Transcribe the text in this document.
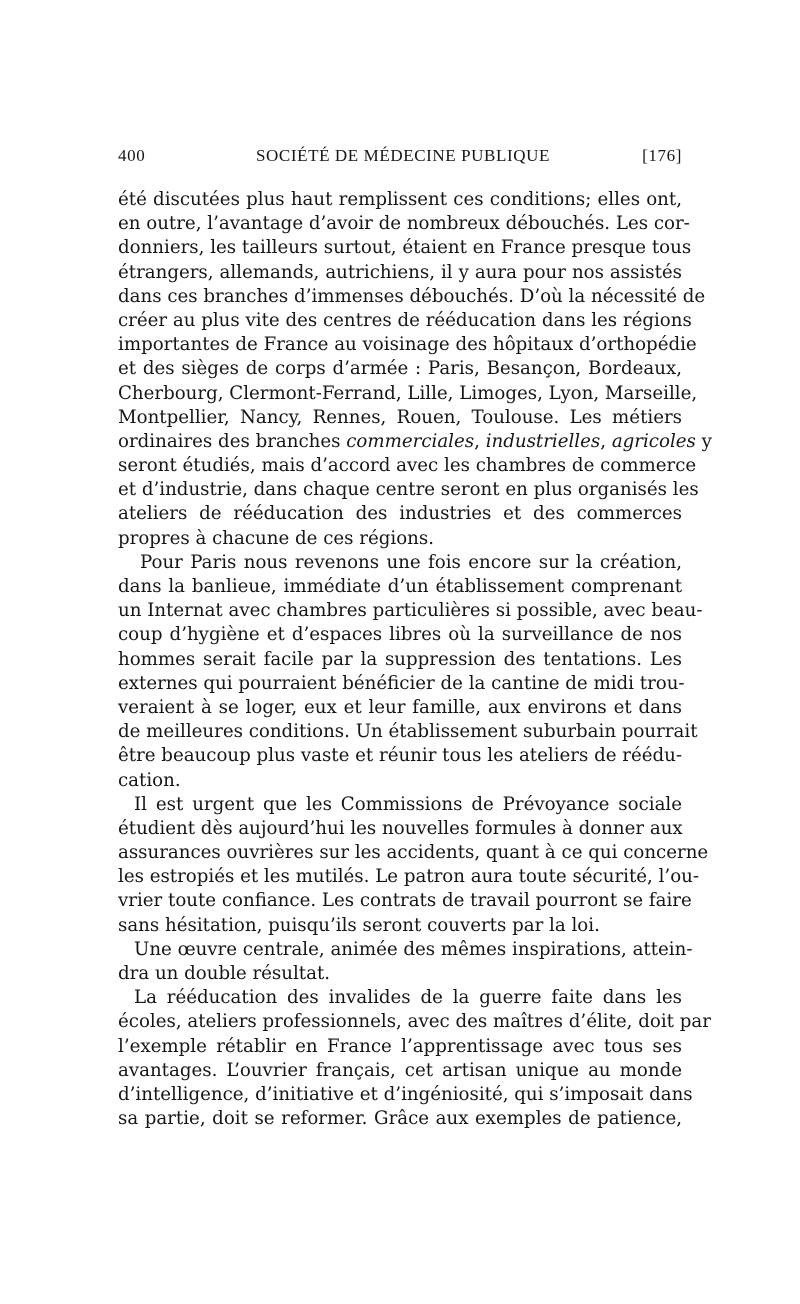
400	SOCIÉTÉ DE MÉDECINE PUBLIQUE	[176]
été discutées plus haut remplissent ces conditions; elles ont,
en outre, l’avantage d’avoir de nombreux débouchés. Les cor-
donniers, les tailleurs surtout, étaient en France presque tous
étrangers, allemands, autrichiens, il y aura pour nos assistés
dans ces branches d’immenses débouchés. D’où la nécessité de
créer au plus vite des centres de rééducation dans les régions
importantes de France au voisinage des hôpitaux d’orthopédie
et des sièges de corps d’armée : Paris, Besançon, Bordeaux,
Cherbourg, Clermont-Ferrand, Lille, Limoges, Lyon, Marseille,
Montpellier, Nancy, Rennes, Rouen, Toulouse. Les métiers
ordinaires des branches commerciales, industrielles, agricoles y
seront étudiés, mais d’accord avec les chambres de commerce
et d’industrie, dans chaque centre seront en plus organisés les
ateliers de rééducation des industries et des commerces
propres à chacune de ces régions.
Pour Paris nous revenons une fois encore sur la création,
dans la banlieue, immédiate d’un établissement comprenant
un Internat avec chambres particulières si possible, avec beau-
coup d’hygiène et d’espaces libres où la surveillance de nos
hommes serait facile par la suppression des tentations. Les
externes qui pourraient bénéficier de la cantine de midi trou-
veraient à se loger, eux et leur famille, aux environs et dans
de meilleures conditions. Un établissement suburbain pourrait
être beaucoup plus vaste et réunir tous les ateliers de réédu-
cation.
Il est urgent que les Commissions de Prévoyance sociale
étudient dès aujourd’hui les nouvelles formules à donner aux
assurances ouvrières sur les accidents, quant à ce qui concerne
les estropiés et les mutilés. Le patron aura toute sécurité, l’ou-
vrier toute confiance. Les contrats de travail pourront se faire
sans hésitation, puisqu’ils seront couverts par la loi.
Une œuvre centrale, animée des mêmes inspirations, attein-
dra un double résultat.
La rééducation des invalides de la guerre faite dans les
écoles, ateliers professionnels, avec des maîtres d’élite, doit par
l’exemple rétablir en France l’apprentissage avec tous ses
avantages. L’ouvrier français, cet artisan unique au monde
d’intelligence, d’initiative et d’ingéniosité, qui s’imposait dans
sa partie, doit se reformer. Grâce aux exemples de patience,
